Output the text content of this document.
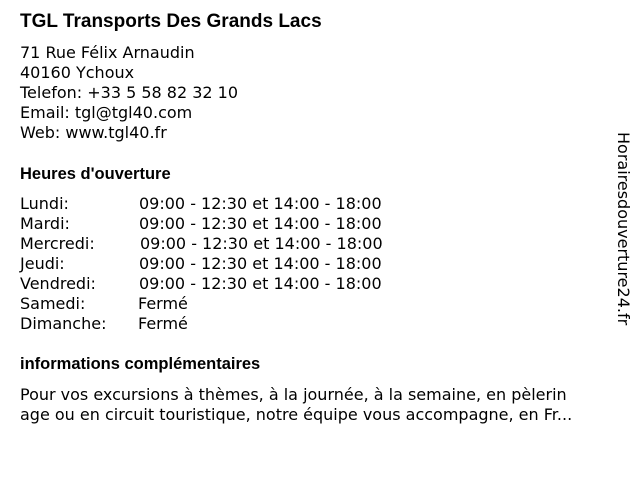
TGL Transports Des Grands Lacs
71 Rue Félix Arnaudin
40160 Ychoux
Telefon: +33 5 58 82 32 10
Email: tgl@tgl40.com
Web: www.tgl40.fr
Heures d'ouverture
Lundi:	09:00 - 12:30 et 14:00 - 18:00
Mardi:	09:00 - 12:30 et 14:00 - 18:00
Mercredi:	09:00 - 12:30 et 14:00 - 18:00
Jeudi:	09:00 - 12:30 et 14:00 - 18:00
Vendredi:	09:00 - 12:30 et 14:00 - 18:00
Samedi:	Fermé
Dimanche: Fermé
informations complémentaires
Pour vos excursions à thèmes, à la journée, à la semaine, en pèlerin
age ou en circuit touristique, notre équipe vous accompagne, en Fr...
Horairesdouverture24.fr
